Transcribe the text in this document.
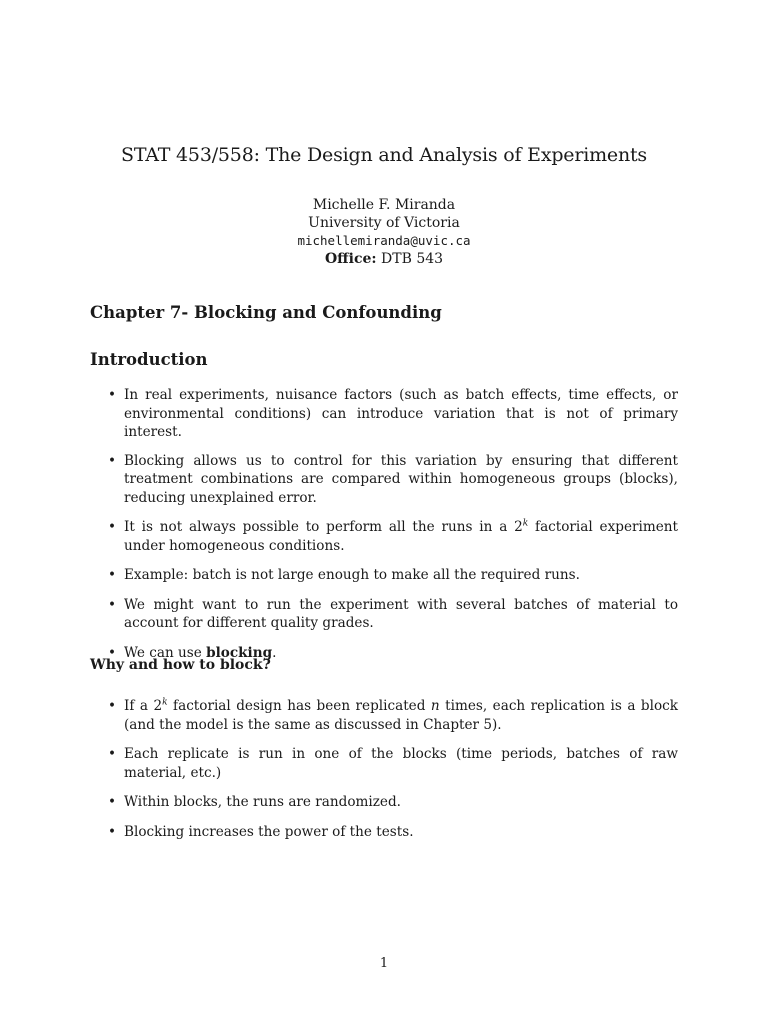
STAT 453/558: The Design and Analysis of Experiments
Michelle F. Miranda
University of Victoria
michellemiranda@uvic.ca
Office: DTB 543
Chapter 7- Blocking and Confounding
Introduction
• In real experiments, nuisance factors (such as batch effects, time effects, or environmental conditions) can introduce variation that is not of primary interest.
• Blocking allows us to control for this variation by ensuring that different treatment combinations are compared within homogeneous groups (blocks), reducing unexplained error.
• It is not always possible to perform all the runs in a 2$^k$ factorial experiment under homogeneous conditions.
• Example: batch is not large enough to make all the required runs.
• We might want to run the experiment with several batches of material to account for different quality grades.
• We can use blocking.
Why and how to block?
• If a 2$^k$ factorial design has been replicated n times, each replication is a block (and the model is the same as discussed in Chapter 5).
• Each replicate is run in one of the blocks (time periods, batches of raw material, etc.)
• Within blocks, the runs are randomized.
• Blocking increases the power of the tests.
1
